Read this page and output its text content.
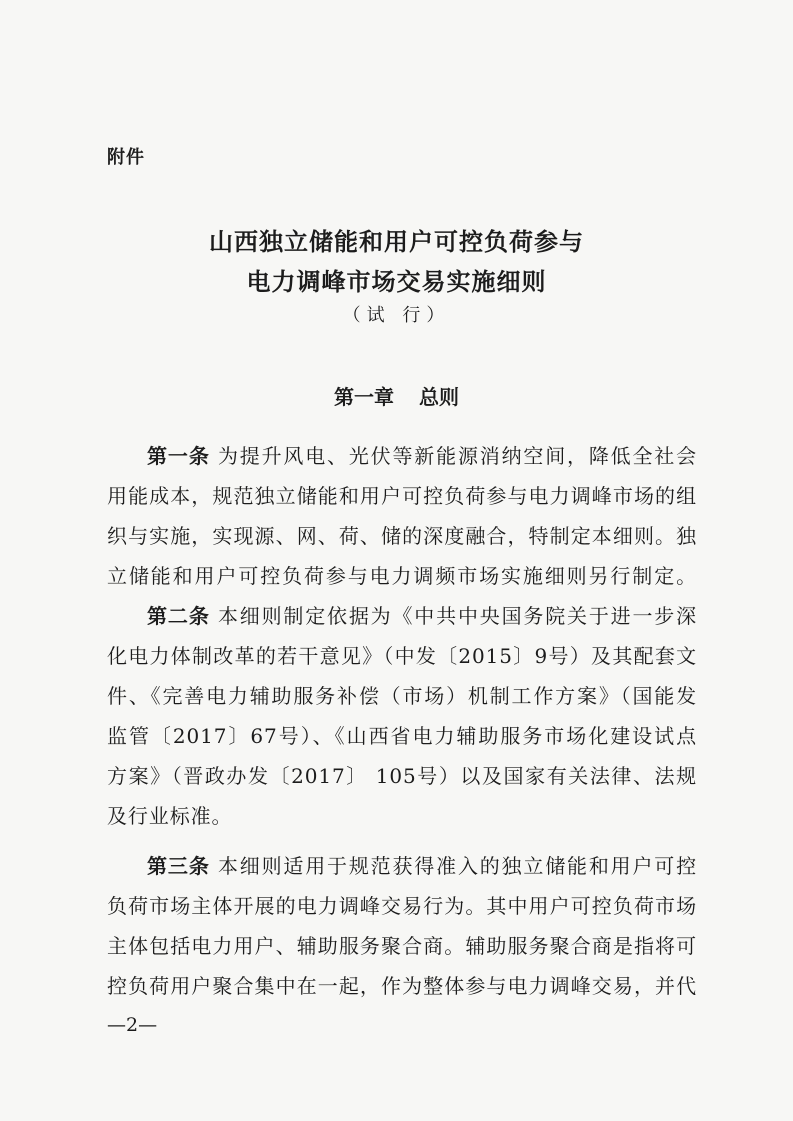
附件
山西独立储能和用户可控负荷参与
电力调峰市场交易实施细则
（试 行）
第一章 总则
第一条 为提升风电、光伏等新能源消纳空间，降低全社会
用能成本，规范独立储能和用户可控负荷参与电力调峰市场的组
织与实施，实现源、网、荷、储的深度融合，特制定本细则。独
立储能和用户可控负荷参与电力调频市场实施细则另行制定。
第二条 本细则制定依据为《中共中央国务院关于进一步深
化电力体制改革的若干意见》（中发〔2015〕9号）及其配套文
件、《完善电力辅助服务补偿（市场）机制工作方案》（国能发
监管〔2017〕67号）、《山西省电力辅助服务市场化建设试点
方案》（晋政办发〔2017〕 105号）以及国家有关法律、法规
及行业标准。
第三条 本细则适用于规范获得准入的独立储能和用户可控
负荷市场主体开展的电力调峰交易行为。其中用户可控负荷市场
主体包括电力用户、辅助服务聚合商。辅助服务聚合商是指将可
控负荷用户聚合集中在一起，作为整体参与电力调峰交易，并代
—2—
